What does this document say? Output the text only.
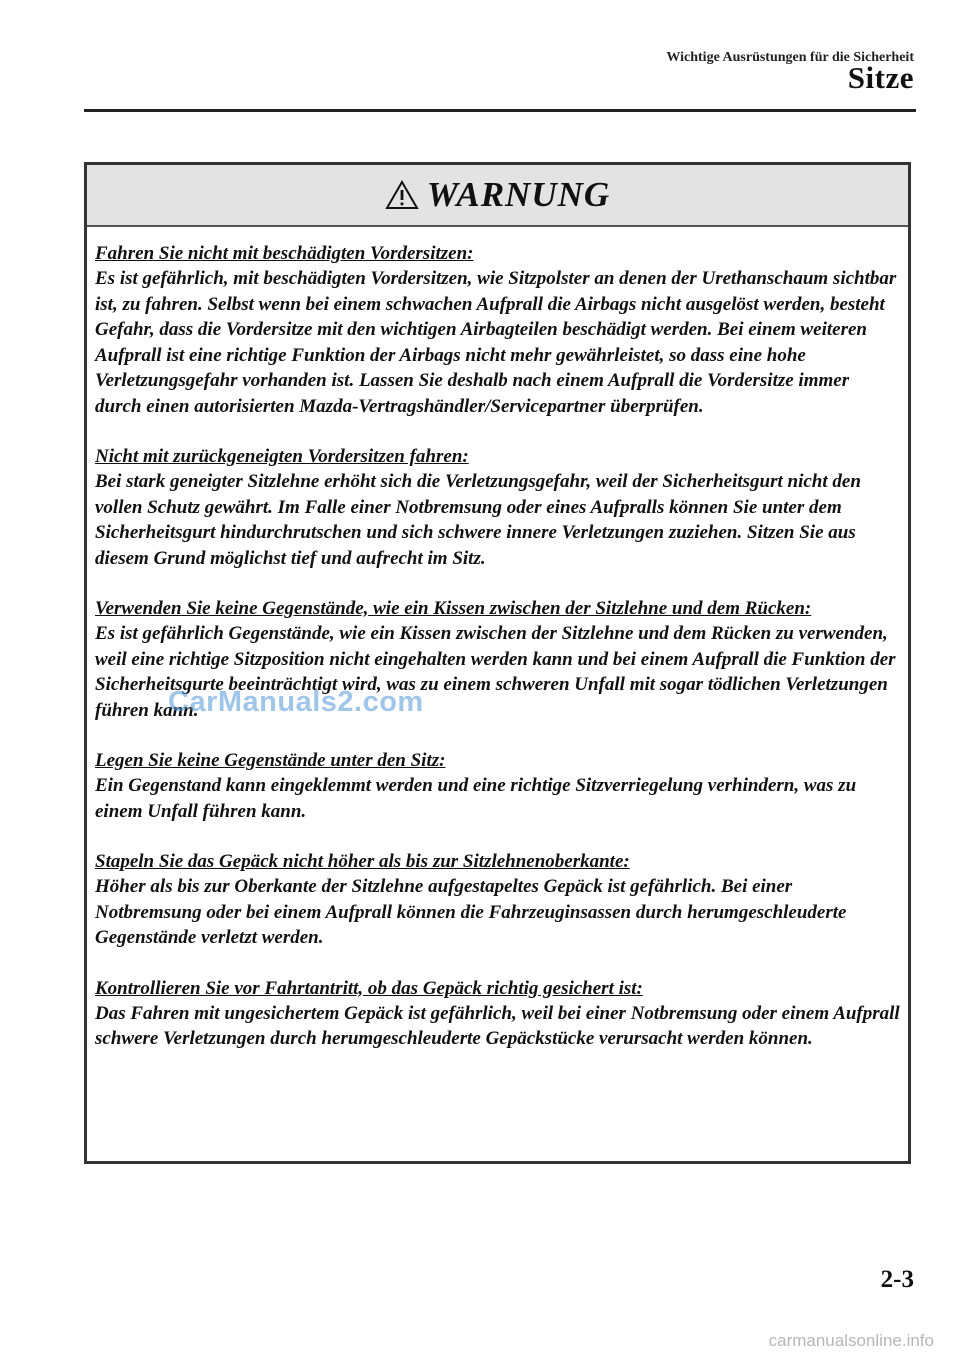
Wichtige Ausrüstungen für die Sicherheit
Sitze
WARNUNG
Fahren Sie nicht mit beschädigten Vordersitzen:
Es ist gefährlich, mit beschädigten Vordersitzen, wie Sitzpolster an denen der Urethanschaum sichtbar ist, zu fahren. Selbst wenn bei einem schwachen Aufprall die Airbags nicht ausgelöst werden, besteht Gefahr, dass die Vordersitze mit den wichtigen Airbagteilen beschädigt werden. Bei einem weiteren Aufprall ist eine richtige Funktion der Airbags nicht mehr gewährleistet, so dass eine hohe Verletzungsgefahr vorhanden ist. Lassen Sie deshalb nach einem Aufprall die Vordersitze immer durch einen autorisierten Mazda-Vertragshändler/Servicepartner überprüfen.
Nicht mit zurückgeneigten Vordersitzen fahren:
Bei stark geneigter Sitzlehne erhöht sich die Verletzungsgefahr, weil der Sicherheitsgurt nicht den vollen Schutz gewährt. Im Falle einer Notbremsung oder eines Aufpralls können Sie unter dem Sicherheitsgurt hindurchrutschen und sich schwere innere Verletzungen zuziehen. Sitzen Sie aus diesem Grund möglichst tief und aufrecht im Sitz.
Verwenden Sie keine Gegenstände, wie ein Kissen zwischen der Sitzlehne und dem Rücken:
Es ist gefährlich Gegenstände, wie ein Kissen zwischen der Sitzlehne und dem Rücken zu verwenden, weil eine richtige Sitzposition nicht eingehalten werden kann und bei einem Aufprall die Funktion der Sicherheitsgurte beeinträchtigt wird, was zu einem schweren Unfall mit sogar tödlichen Verletzungen führen kann.
Legen Sie keine Gegenstände unter den Sitz:
Ein Gegenstand kann eingeklemmt werden und eine richtige Sitzverriegelung verhindern, was zu einem Unfall führen kann.
Stapeln Sie das Gepäck nicht höher als bis zur Sitzlehnenoberkante:
Höher als bis zur Oberkante der Sitzlehne aufgestapeltes Gepäck ist gefährlich. Bei einer Notbremsung oder bei einem Aufprall können die Fahrzeuginsassen durch herumgeschleuderte Gegenstände verletzt werden.
Kontrollieren Sie vor Fahrtantritt, ob das Gepäck richtig gesichert ist:
Das Fahren mit ungesichertem Gepäck ist gefährlich, weil bei einer Notbremsung oder einem Aufprall schwere Verletzungen durch herumgeschleuderte Gepäckstücke verursacht werden können.
CarManuals2.com
2-3
carmanualsonline.info
